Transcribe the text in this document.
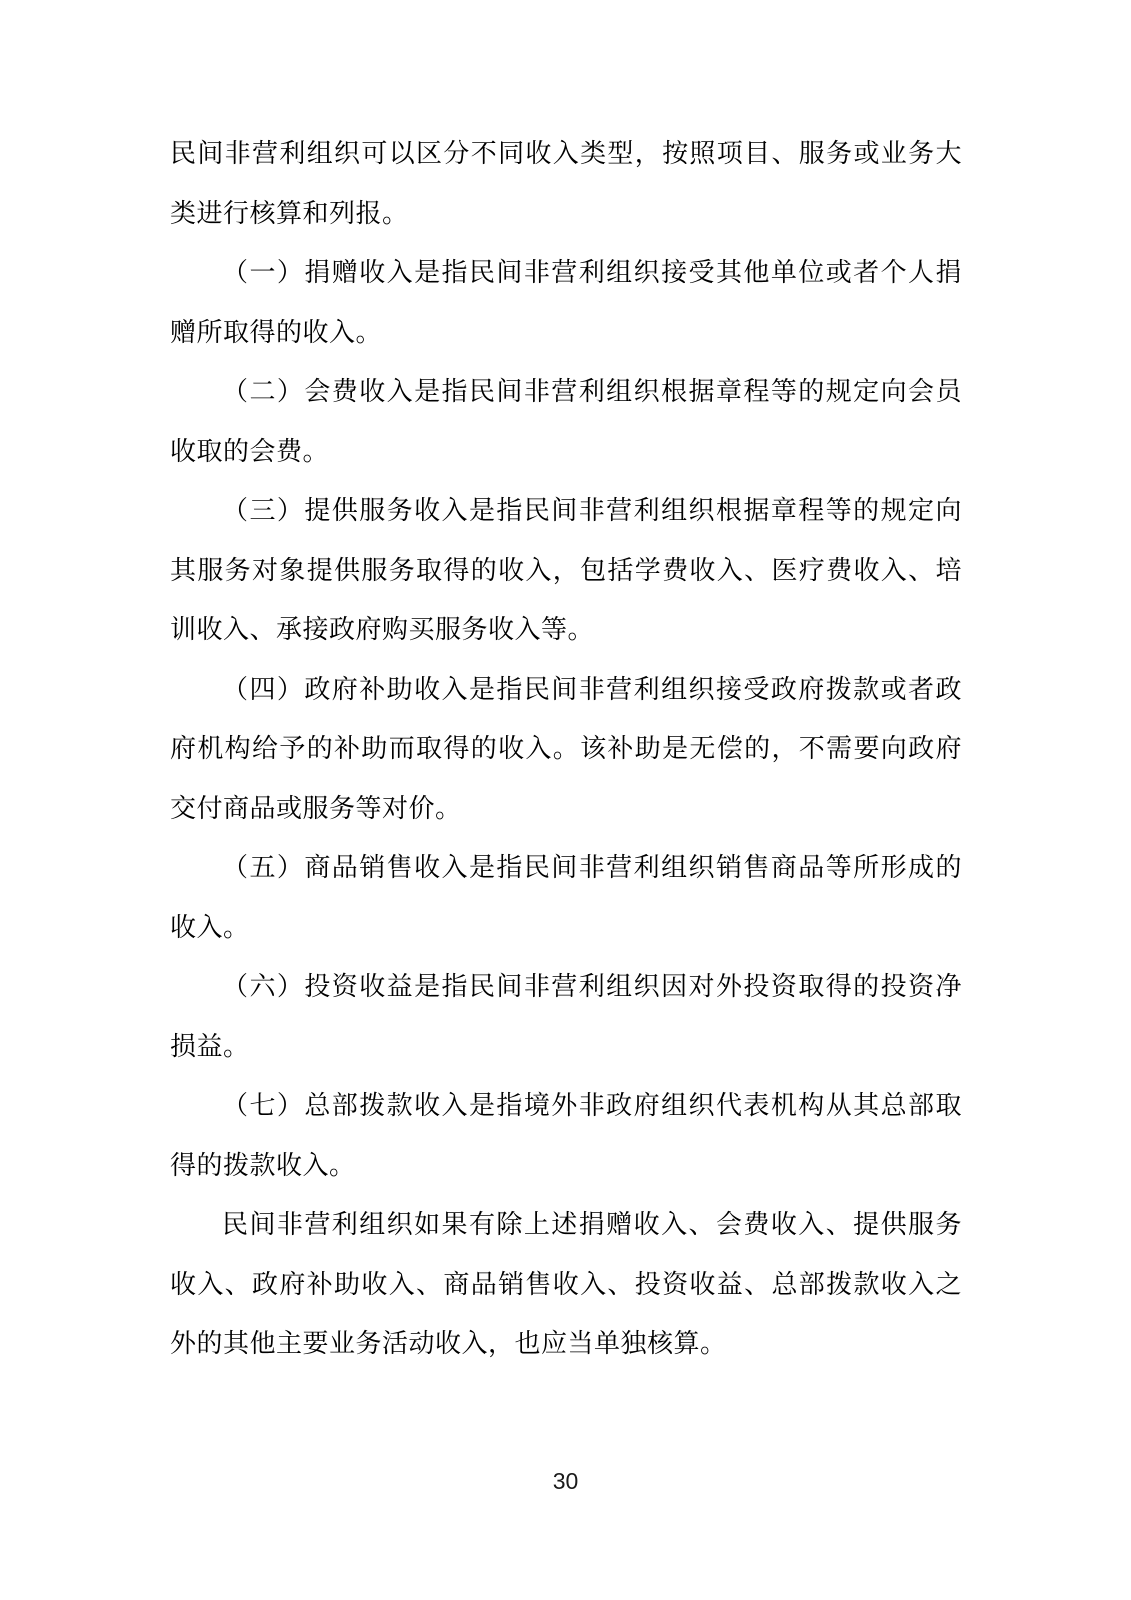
民间非营利组织可以区分不同收入类型，按照项目、服务或业务大类进行核算和列报。

（一）捐赠收入是指民间非营利组织接受其他单位或者个人捐赠所取得的收入。

（二）会费收入是指民间非营利组织根据章程等的规定向会员收取的会费。

（三）提供服务收入是指民间非营利组织根据章程等的规定向其服务对象提供服务取得的收入，包括学费收入、医疗费收入、培训收入、承接政府购买服务收入等。

（四）政府补助收入是指民间非营利组织接受政府拨款或者政府机构给予的补助而取得的收入。该补助是无偿的，不需要向政府交付商品或服务等对价。

（五）商品销售收入是指民间非营利组织销售商品等所形成的收入。

（六）投资收益是指民间非营利组织因对外投资取得的投资净损益。

（七）总部拨款收入是指境外非政府组织代表机构从其总部取得的拨款收入。

民间非营利组织如果有除上述捐赠收入、会费收入、提供服务收入、政府补助收入、商品销售收入、投资收益、总部拨款收入之外的其他主要业务活动收入，也应当单独核算。

30
